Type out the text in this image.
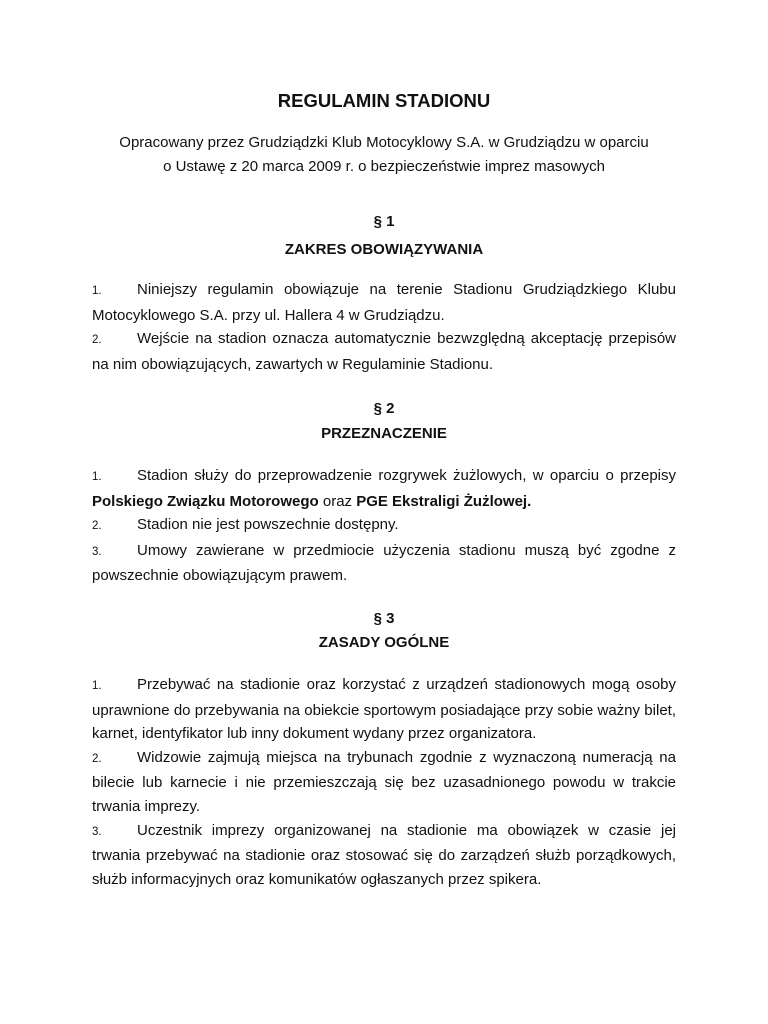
REGULAMIN STADIONU
Opracowany przez Grudziądzki Klub Motocyklowy S.A. w Grudziądzu w oparciu
o Ustawę z 20 marca 2009 r. o bezpieczeństwie imprez masowych
§ 1
ZAKRES OBOWIĄZYWANIA

1. Niniejszy regulamin obowiązuje na terenie Stadionu Grudziądzkiego Klubu Motocyklowego S.A. przy ul. Hallera 4 w Grudziądzu.

2. Wejście na stadion oznacza automatycznie bezwzględną akceptację przepisów na nim obowiązujących, zawartych w Regulaminie Stadionu.

§ 2
PRZEZNACZENIE

1. Stadion służy do przeprowadzenie rozgrywek żużlowych, w oparciu o przepisy Polskiego Związku Motorowego oraz PGE Ekstraligi Żużlowej.

2. Stadion nie jest powszechnie dostępny.

3. Umowy zawierane w przedmiocie użyczenia stadionu muszą być zgodne z powszechnie obowiązującym prawem.

§ 3
ZASADY OGÓLNE

1. Przebywać na stadionie oraz korzystać z urządzeń stadionowych mogą osoby uprawnione do przebywania na obiekcie sportowym posiadające przy sobie ważny bilet, karnet, identyfikator lub inny dokument wydany przez organizatora.

2. Widzowie zajmują miejsca na trybunach zgodnie z wyznaczoną numeracją na bilecie lub karnecie i nie przemieszczają się bez uzasadnionego powodu w trakcie trwania imprezy.

3. Uczestnik imprezy organizowanej na stadionie ma obowiązek w czasie jej trwania przebywać na stadionie oraz stosować się do zarządzeń służb porządkowych, służb informacyjnych oraz komunikatów ogłaszanych przez spikera.
